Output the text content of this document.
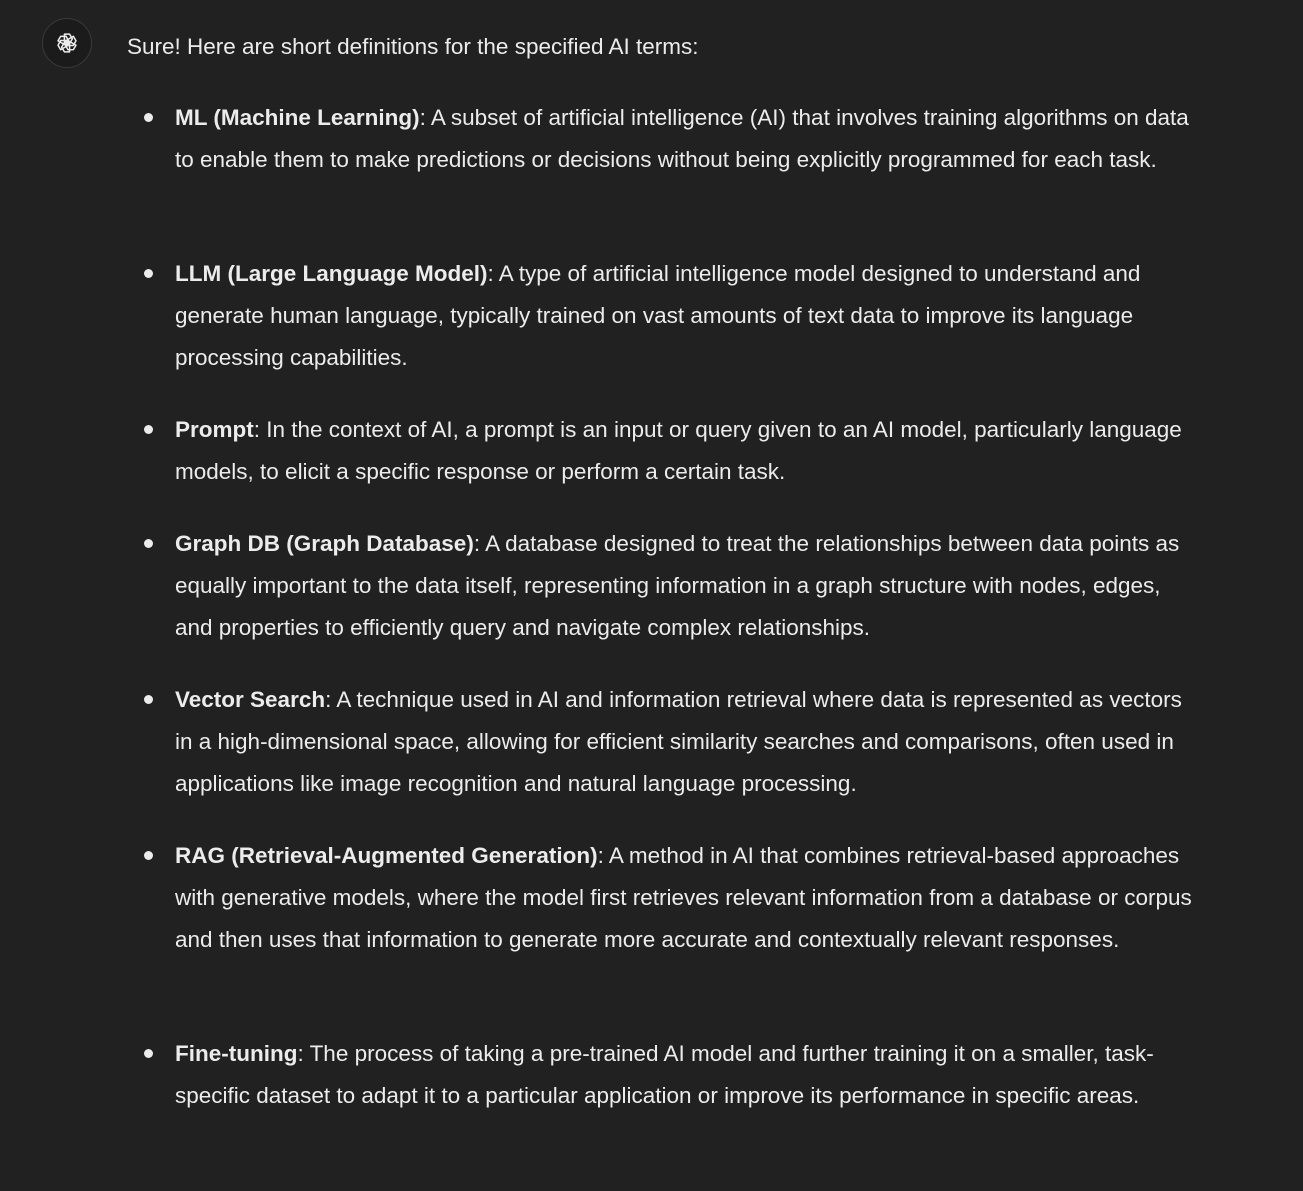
Sure! Here are short definitions for the specified AI terms:

ML (Machine Learning): A subset of artificial intelligence (AI) that involves training algorithms on data to enable them to make predictions or decisions without being explicitly programmed for each task.
LLM (Large Language Model): A type of artificial intelligence model designed to understand and generate human language, typically trained on vast amounts of text data to improve its language processing capabilities.
Prompt: In the context of AI, a prompt is an input or query given to an AI model, particularly language models, to elicit a specific response or perform a certain task.
Graph DB (Graph Database): A database designed to treat the relationships between data points as equally important to the data itself, representing information in a graph structure with nodes, edges, and properties to efficiently query and navigate complex relationships.
Vector Search: A technique used in AI and information retrieval where data is represented as vectors in a high-dimensional space, allowing for efficient similarity searches and comparisons, often used in applications like image recognition and natural language processing.
RAG (Retrieval-Augmented Generation): A method in AI that combines retrieval-based approaches with generative models, where the model first retrieves relevant information from a database or corpus and then uses that information to generate more accurate and contextually relevant responses.
Fine-tuning: The process of taking a pre-trained AI model and further training it on a smaller, task-specific dataset to adapt it to a particular application or improve its performance in specific areas.
